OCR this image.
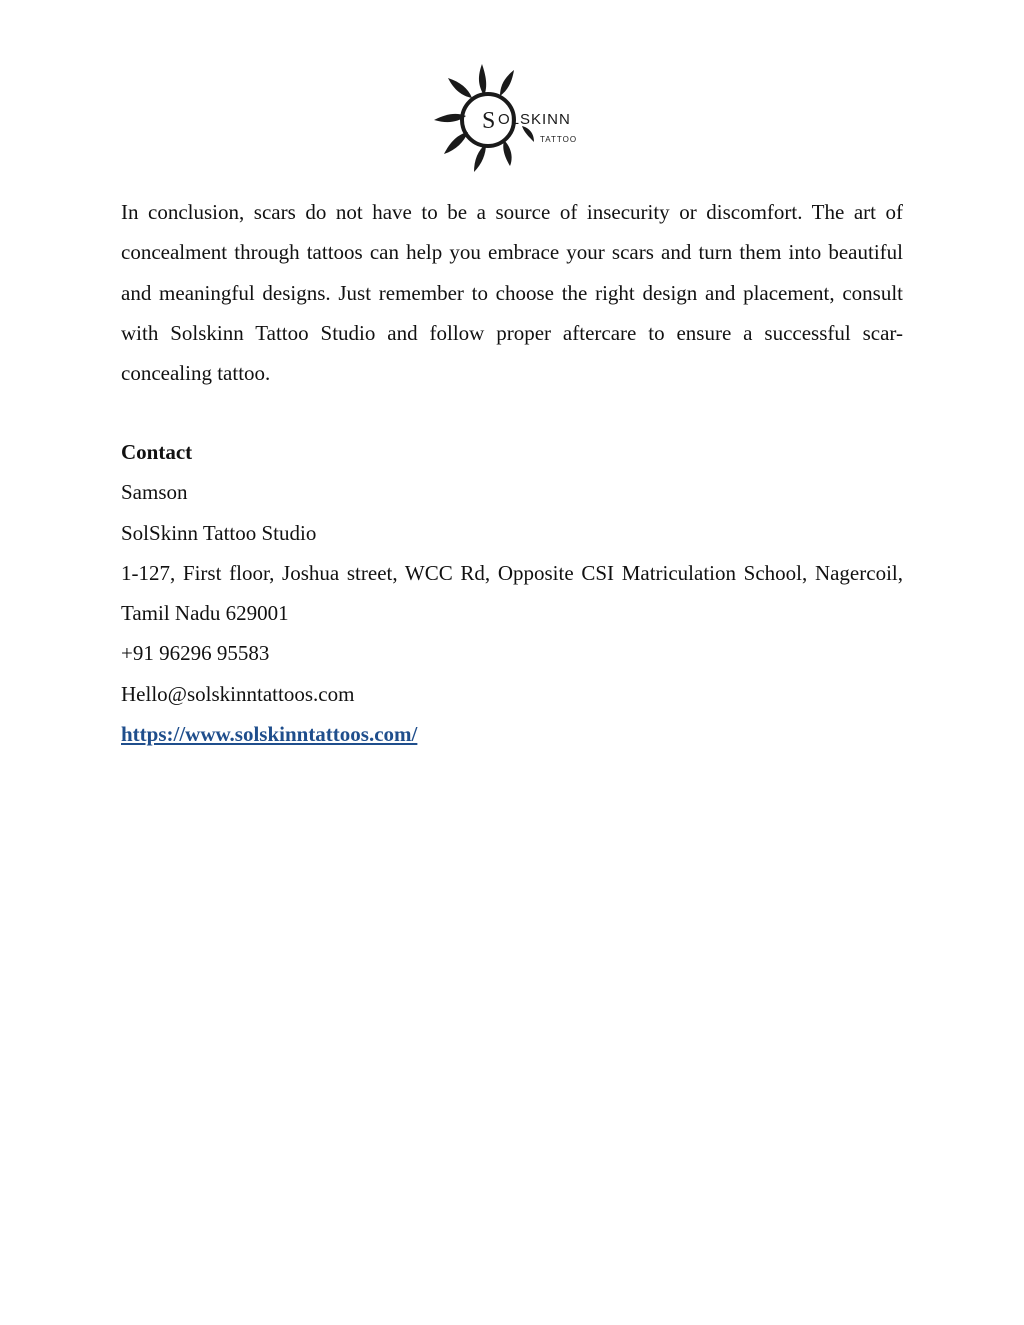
S OLSKINN
TATTOO

In conclusion, scars do not have to be a source of insecurity or discomfort. The art of concealment through tattoos can help you embrace your scars and turn them into beautiful and meaningful designs. Just remember to choose the right design and placement, consult with Solskinn Tattoo Studio and follow proper aftercare to ensure a successful scar-concealing tattoo.

Contact
Samson
SolSkinn Tattoo Studio
1-127, First floor, Joshua street, WCC Rd, Opposite CSI Matriculation School, Nagercoil, Tamil Nadu 629001
+91 96296 95583
Hello@solskinntattoos.com
https://www.solskinntattoos.com/
